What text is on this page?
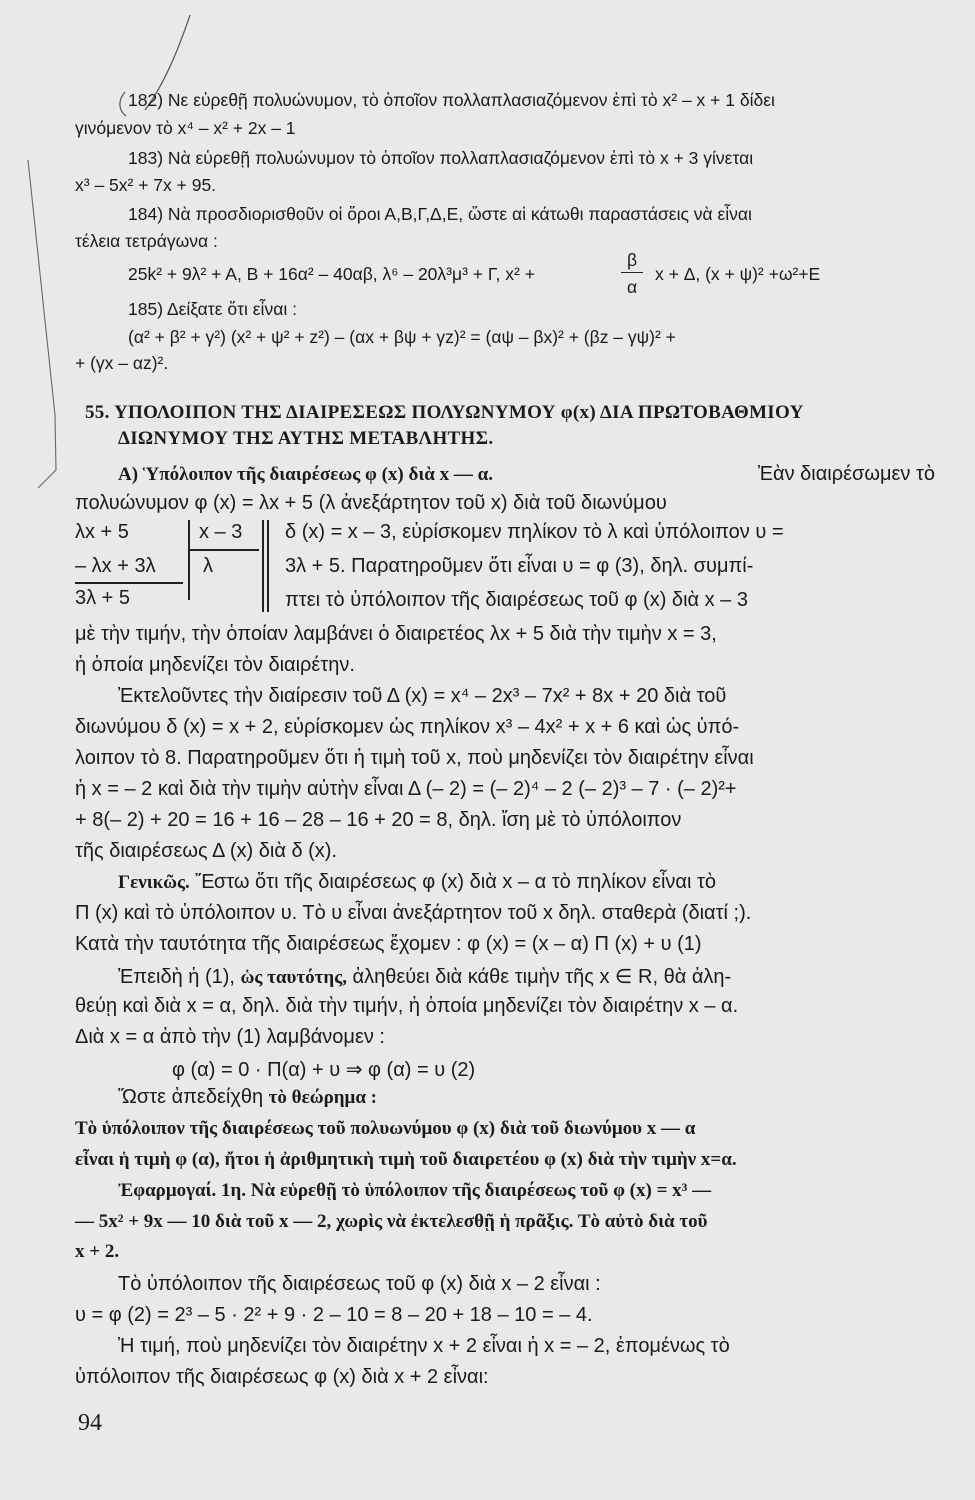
182) Νε εὑρεθῇ πολυώνυμον, τὸ ὁποῖον πολλαπλασιαζόμενον ἐπὶ τὸ x² – x + 1 δίδει
γινόμενον τὸ x⁴ – x² + 2x – 1
183) Νὰ εὑρεθῇ πολυώνυμον τὸ ὁποῖον πολλαπλασιαζόμενον ἐπὶ τὸ x + 3 γίνεται
x³ – 5x² + 7x + 95.
184) Νὰ προσδιορισθοῦν οἱ ὅροι Α,Β,Γ,Δ,Ε, ὥστε αἱ κάτωθι παραστάσεις νὰ εἶναι
τέλεια τετράγωνα :
25k² + 9λ² + Α, Β + 16α² – 40αβ, λ⁶ – 20λ³μ³ + Γ, x² +
β
α
x + Δ, (x + ψ)² +ω²+Ε
185) Δείξατε ὅτι εἶναι :
(α² + β² + γ²) (x² + ψ² + z²) – (αx + βψ + γz)² = (αψ – βx)² + (βz – γψ)² +
+ (γx – αz)².
55. ΥΠΟΛΟΙΠΟΝ ΤΗΣ ΔΙΑΙΡΕΣΕΩΣ ΠΟΛΥΩΝΥΜΟΥ φ(x) ΔΙΑ ΠΡΩΤΟΒΑΘΜΙΟΥ
ΔΙΩΝΥΜΟΥ ΤΗΣ ΑΥΤΗΣ ΜΕΤΑΒΛΗΤΗΣ.
Α) Ὑπόλοιπον τῆς διαιρέσεως φ (x) διὰ x — α.	Ἐὰν διαιρέσωμεν τὸ
πολυώνυμον φ (x) = λx + 5 (λ ἀνεξάρτητον τοῦ x) διὰ τοῦ διωνύμου
λx + 5
– λx + 3λ
3λ + 5
x – 3
λ
δ (x) = x – 3, εὑρίσκομεν πηλίκον τὸ λ καὶ ὑπόλοιπον υ =
3λ + 5. Παρατηροῦμεν ὅτι εἶναι υ = φ (3), δηλ. συμπί-
πτει τὸ ὑπόλοιπον τῆς διαιρέσεως τοῦ φ (x) διὰ x – 3
μὲ τὴν τιμήν, τὴν ὁποίαν λαμβάνει ὁ διαιρετέος λx + 5 διὰ τὴν τιμὴν x = 3,
ἡ ὁποία μηδενίζει τὸν διαιρέτην.
Ἐκτελοῦντες τὴν διαίρεσιν τοῦ Δ (x) = x⁴ – 2x³ – 7x² + 8x + 20 διὰ τοῦ
διωνύμου δ (x) = x + 2, εὑρίσκομεν ὡς πηλίκον x³ – 4x² + x + 6 καὶ ὡς ὑπό-
λοιπον τὸ 8. Παρατηροῦμεν ὅτι ἡ τιμὴ τοῦ x, ποὺ μηδενίζει τὸν διαιρέτην εἶναι
ἡ x = – 2 καὶ διὰ τὴν τιμὴν αὐτὴν εἶναι Δ (– 2) = (– 2)⁴ – 2 (– 2)³ – 7 · (– 2)²+
+ 8(– 2) + 20 = 16 + 16 – 28 – 16 + 20 = 8, δηλ. ἴση μὲ τὸ ὑπόλοιπον
τῆς διαιρέσεως Δ (x) διὰ δ (x).
Γενικῶς. Ἔστω ὅτι τῆς διαιρέσεως φ (x) διὰ x – α τὸ πηλίκον εἶναι τὸ
Π (x) καὶ τὸ ὑπόλοιπον υ. Τὸ υ εἶναι ἀνεξάρτητον τοῦ x δηλ. σταθερὰ (διατί ;).
Κατὰ τὴν ταυτότητα τῆς διαιρέσεως ἔχομεν : φ (x) = (x – α) Π (x) + υ (1)
Ἐπειδὴ ἡ (1), ὡς ταυτότης, ἀληθεύει διὰ κάθε τιμὴν τῆς x ∈ R, θὰ ἀλη-
θεύῃ καὶ διὰ x = α, δηλ. διὰ τὴν τιμήν, ἡ ὁποία μηδενίζει τὸν διαιρέτην x – α.
Διὰ x = α ἀπὸ τὴν (1) λαμβάνομεν :
φ (α) = 0 · Π(α) + υ ⇒ φ (α) = υ (2)
Ὥστε ἀπεδείχθη τὸ θεώρημα :
Τὸ ὑπόλοιπον τῆς διαιρέσεως τοῦ πολυωνύμου φ (x) διὰ τοῦ διωνύμου x — α
εἶναι ἡ τιμὴ φ (α), ἤτοι ἡ ἀριθμητικὴ τιμὴ τοῦ διαιρετέου φ (x) διὰ τὴν τιμὴν x=α.
Ἐφαρμογαί. 1η. Νὰ εὑρεθῇ τὸ ὑπόλοιπον τῆς διαιρέσεως τοῦ φ (x) = x³ —
— 5x² + 9x — 10 διὰ τοῦ x — 2, χωρὶς νὰ ἐκτελεσθῇ ἡ πρᾶξις. Τὸ αὐτὸ διὰ τοῦ
x + 2.
Τὸ ὑπόλοιπον τῆς διαιρέσεως τοῦ φ (x) διὰ x – 2 εἶναι :
υ = φ (2) = 2³ – 5 · 2² + 9 · 2 – 10 = 8 – 20 + 18 – 10 = – 4.
Ἡ τιμή, ποὺ μηδενίζει τὸν διαιρέτην x + 2 εἶναι ἡ x = – 2, ἐπομένως τὸ
ὑπόλοιπον τῆς διαιρέσεως φ (x) διὰ x + 2 εἶναι:
94
